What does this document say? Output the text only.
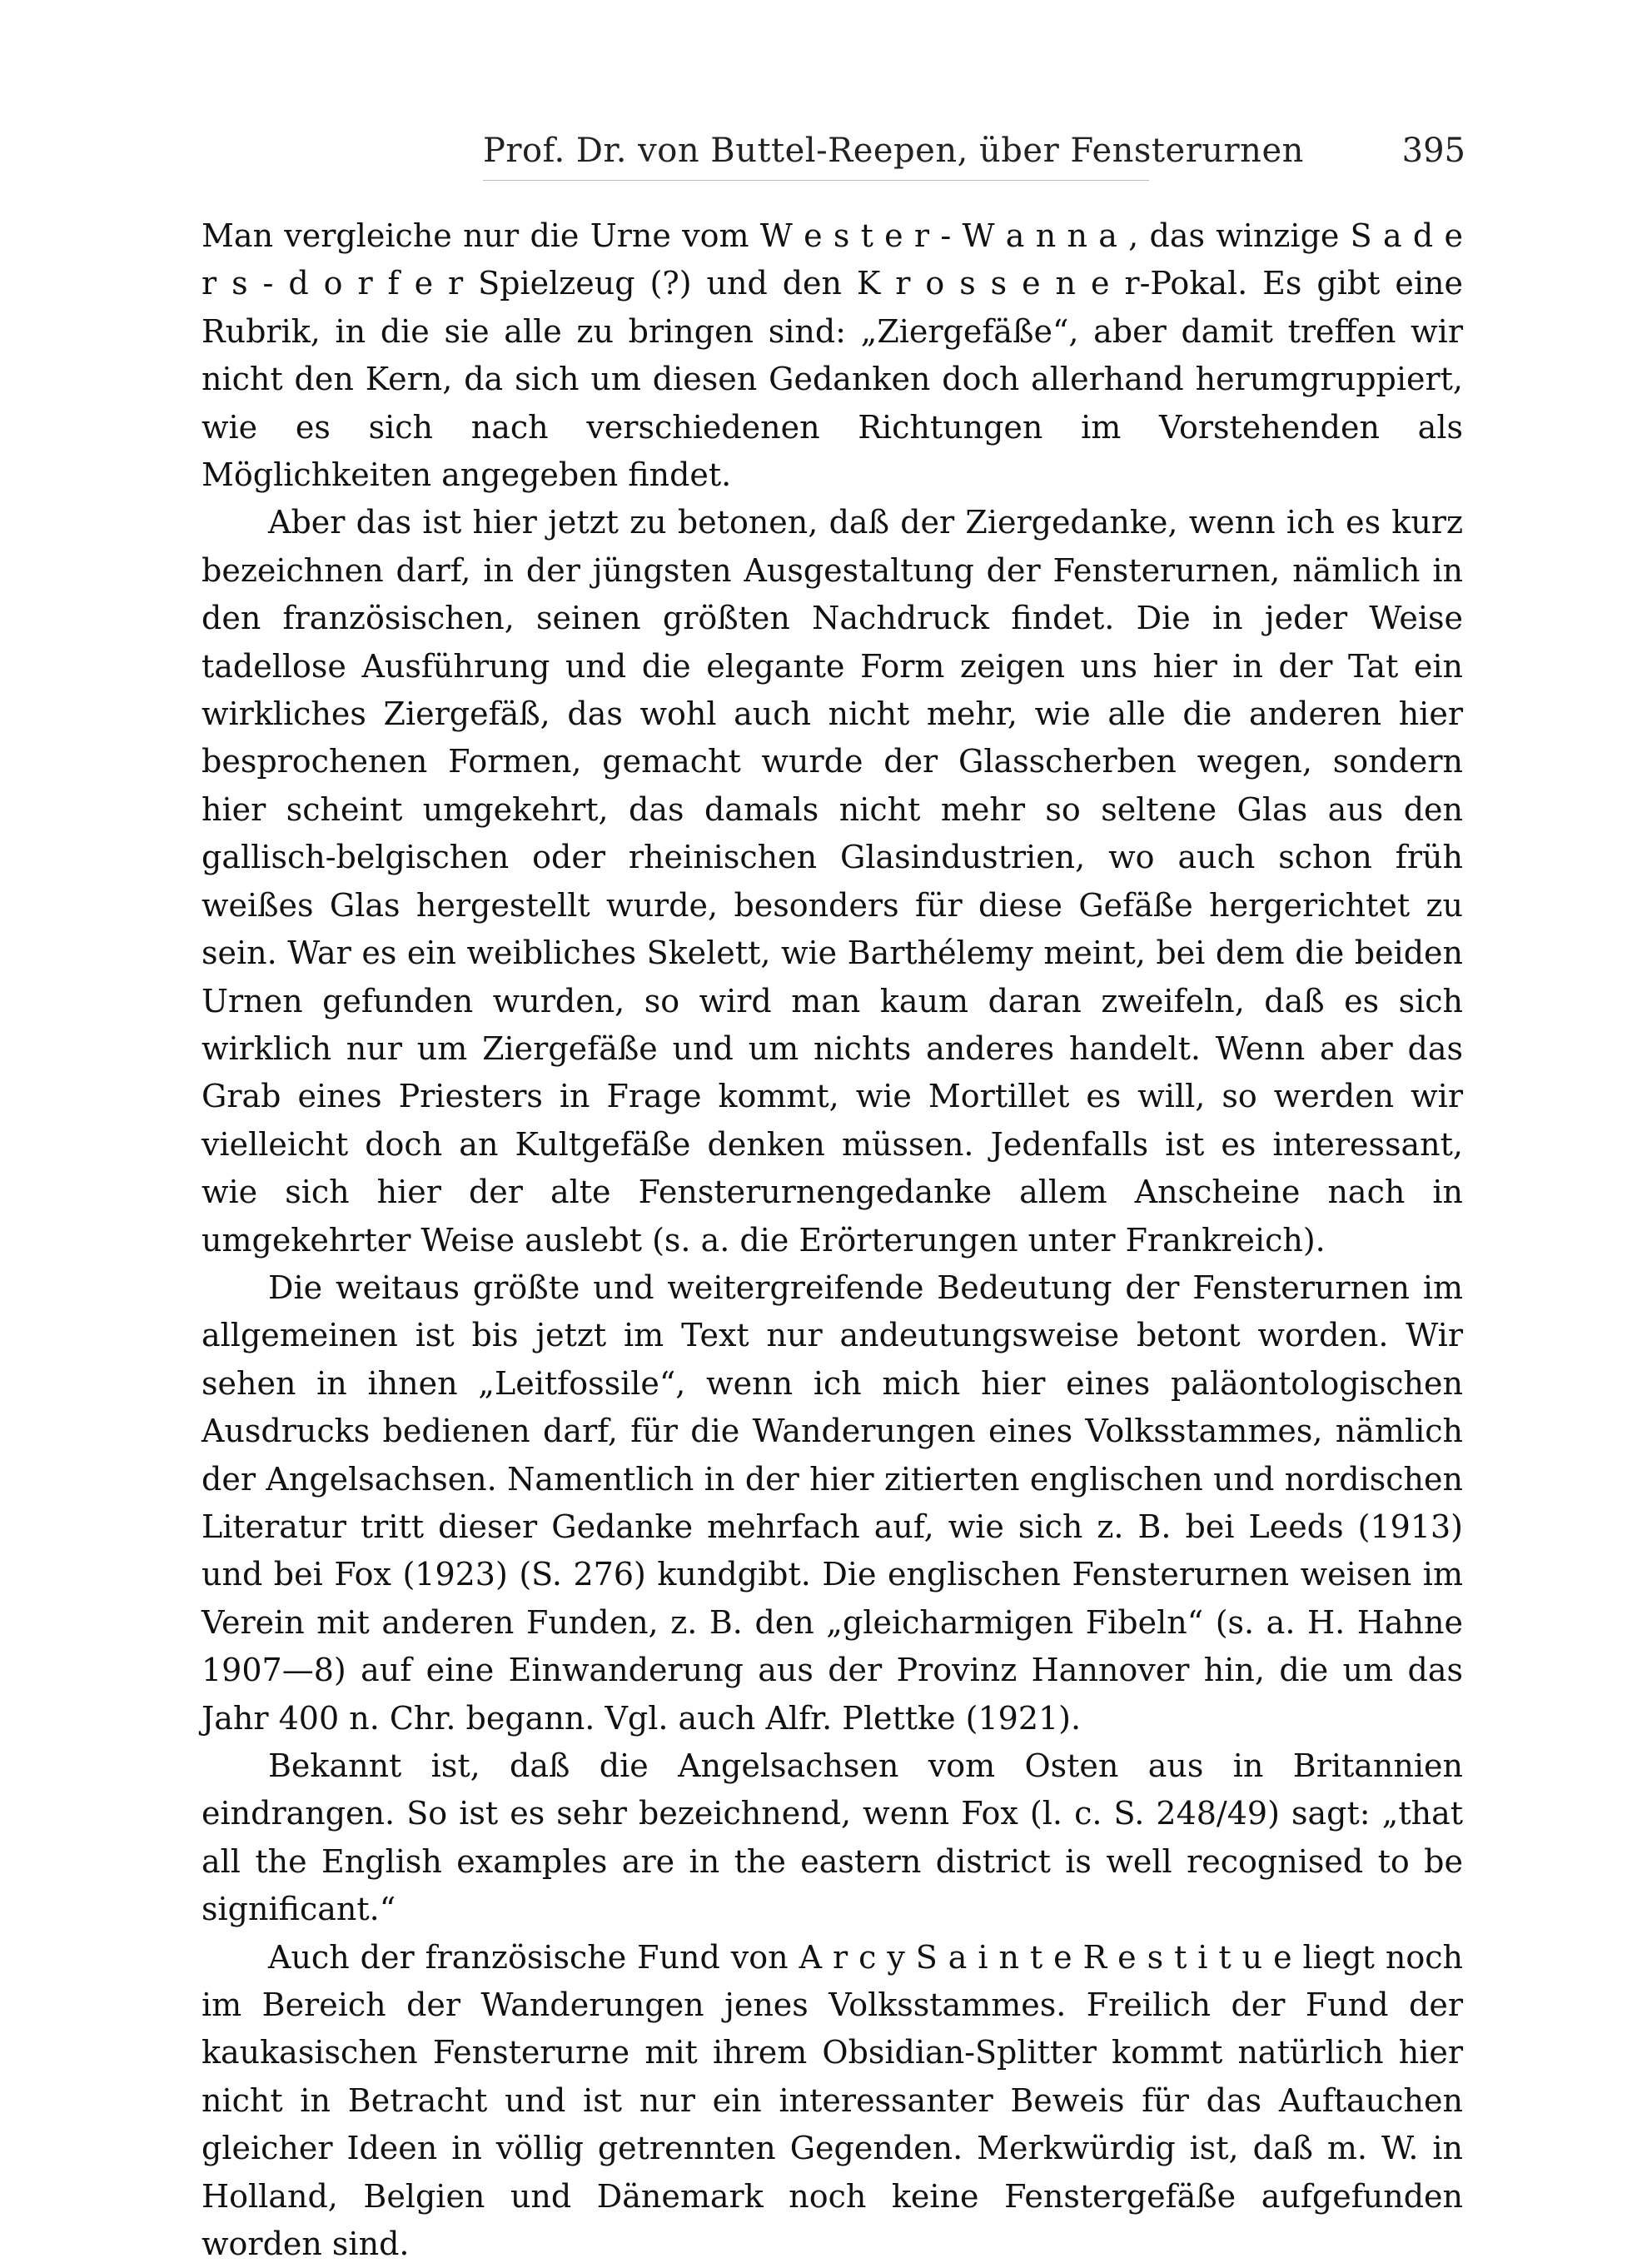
Prof. Dr. von Buttel-Reepen, über Fensterurnen	395

Man vergleiche nur die Urne vom W e s t e r - W a n n a , das winzige S a d e r s - d o r f e r Spielzeug (?) und den K r o s s e n e r-Pokal. Es gibt eine Rubrik, in die sie alle zu bringen sind: „Ziergefäße“, aber damit treffen wir nicht den Kern, da sich um diesen Gedanken doch allerhand herumgruppiert, wie es sich nach verschiedenen Richtungen im Vorstehenden als Möglichkeiten angegeben findet.

Aber das ist hier jetzt zu betonen, daß der Ziergedanke, wenn ich es kurz bezeichnen darf, in der jüngsten Ausgestaltung der Fensterurnen, nämlich in den französischen, seinen größten Nachdruck findet. Die in jeder Weise tadellose Ausführung und die elegante Form zeigen uns hier in der Tat ein wirkliches Ziergefäß, das wohl auch nicht mehr, wie alle die anderen hier besprochenen Formen, gemacht wurde der Glasscherben wegen, sondern hier scheint umgekehrt, das damals nicht mehr so seltene Glas aus den gallisch-belgischen oder rheinischen Glasindustrien, wo auch schon früh weißes Glas hergestellt wurde, besonders für diese Gefäße hergerichtet zu sein. War es ein weibliches Skelett, wie Barthélemy meint, bei dem die beiden Urnen gefunden wurden, so wird man kaum daran zweifeln, daß es sich wirklich nur um Ziergefäße und um nichts anderes handelt. Wenn aber das Grab eines Priesters in Frage kommt, wie Mortillet es will, so werden wir vielleicht doch an Kultgefäße denken müssen. Jedenfalls ist es interessant, wie sich hier der alte Fensterurnengedanke allem Anscheine nach in umgekehrter Weise auslebt (s. a. die Erörterungen unter Frankreich).

Die weitaus größte und weitergreifende Bedeutung der Fensterurnen im allgemeinen ist bis jetzt im Text nur andeutungsweise betont worden. Wir sehen in ihnen „Leitfossile“, wenn ich mich hier eines paläontologischen Ausdrucks bedienen darf, für die Wanderungen eines Volksstammes, nämlich der Angelsachsen. Namentlich in der hier zitierten englischen und nordischen Literatur tritt dieser Gedanke mehrfach auf, wie sich z. B. bei Leeds (1913) und bei Fox (1923) (S. 276) kundgibt. Die englischen Fensterurnen weisen im Verein mit anderen Funden, z. B. den „gleicharmigen Fibeln“ (s. a. H. Hahne 1907—8) auf eine Einwanderung aus der Provinz Hannover hin, die um das Jahr 400 n. Chr. begann. Vgl. auch Alfr. Plettke (1921).

Bekannt ist, daß die Angelsachsen vom Osten aus in Britannien eindrangen. So ist es sehr bezeichnend, wenn Fox (l. c. S. 248/49) sagt: „that all the English examples are in the eastern district is well recognised to be significant.“

Auch der französische Fund von A r c y S a i n t e R e s t i t u e liegt noch im Bereich der Wanderungen jenes Volksstammes. Freilich der Fund der kaukasischen Fensterurne mit ihrem Obsidian-Splitter kommt natürlich hier nicht in Betracht und ist nur ein interessanter Beweis für das Auftauchen gleicher Ideen in völlig getrennten Gegenden. Merkwürdig ist, daß m. W. in Holland, Belgien und Dänemark noch keine Fenstergefäße aufgefunden worden sind.
